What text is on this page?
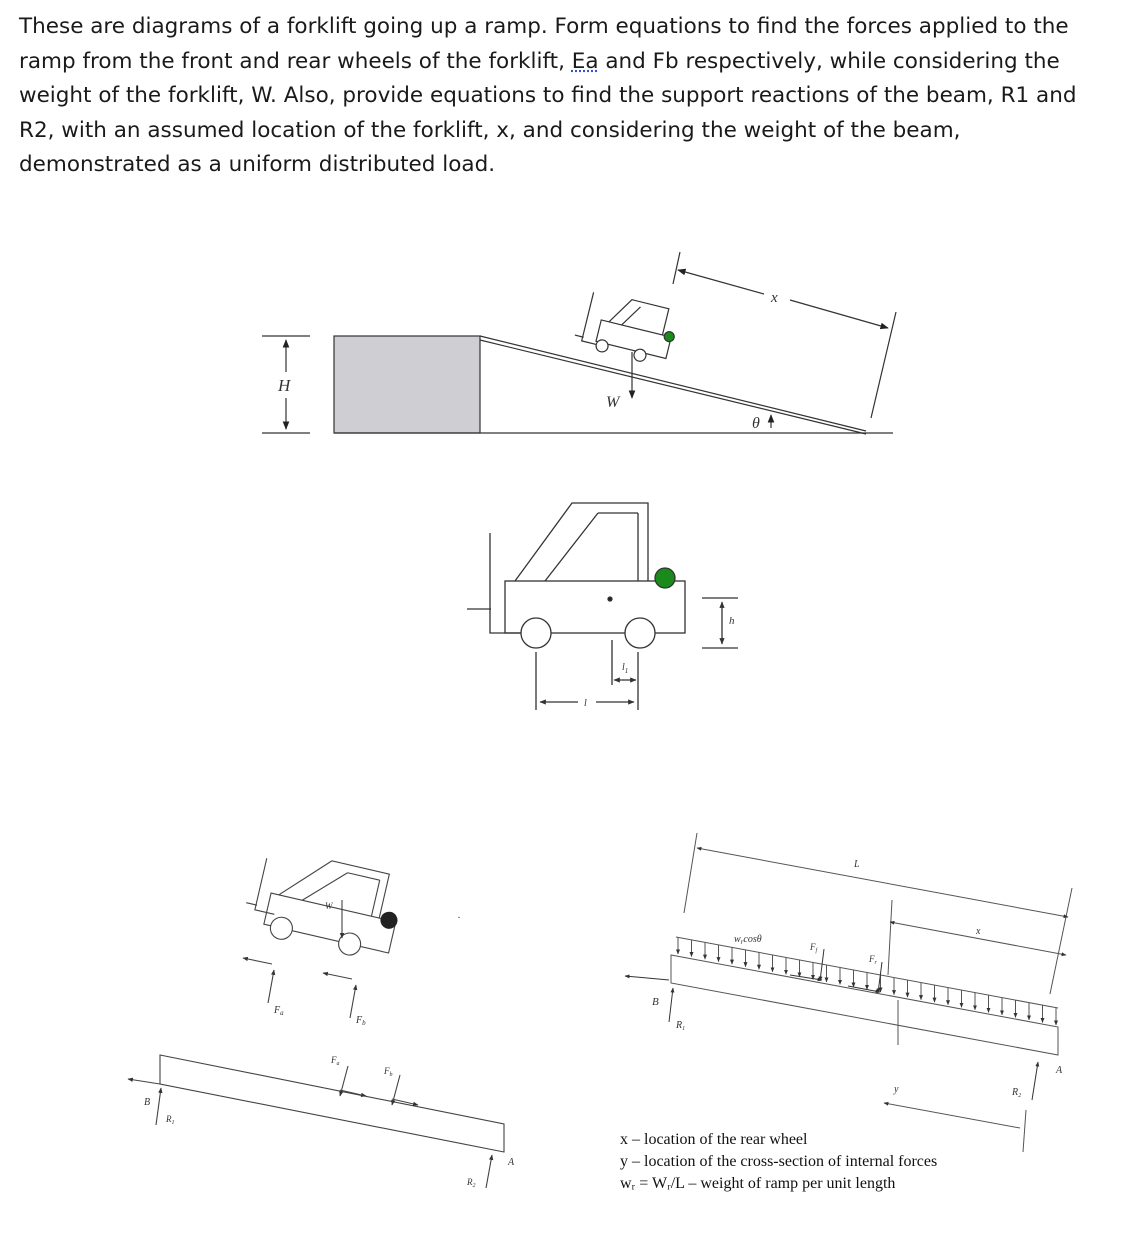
These are diagrams of a forklift going up a ramp. Form equations to find the forces applied to the
ramp from the front and rear wheels of the forklift, Ea and Fb respectively, while considering the
weight of the forklift, W. Also, provide equations to find the support reactions of the beam, R1 and
R2, with an assumed location of the forklift, x, and considering the weight of the beam,
demonstrated as a uniform distributed load.

H
W
θ
x
h
$l_1$
l
W
$F_a$
$F_b$
.
$F_a$
$F_b$
B
$R_1$
$R_2$
A
L
x
$w_r\cos\theta$
$F_f$
$F_r$
B
$R_1$
$R_2$
A
y
x – location of the rear wheel
y – location of the cross-section of internal forces
wᵣ = Wᵣ/L – weight of ramp per unit length
